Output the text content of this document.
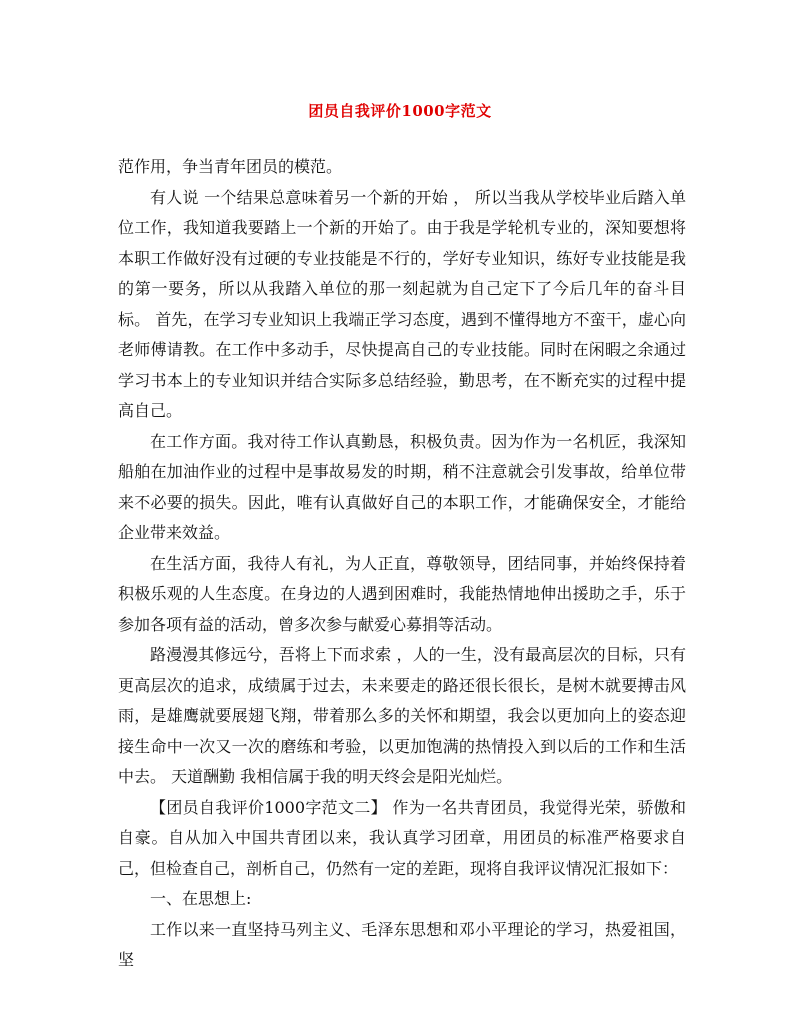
团员自我评价1000字范文

范作用，争当青年团员的模范。

有人说 一个结果总意味着另一个新的开始 ， 所以当我从学校毕业后踏入单位工作，我知道我要踏上一个新的开始了。由于我是学轮机专业的，深知要想将本职工作做好没有过硬的专业技能是不行的，学好专业知识，练好专业技能是我的第一要务，所以从我踏入单位的那一刻起就为自己定下了今后几年的奋斗目标。 首先，在学习专业知识上我端正学习态度，遇到不懂得地方不蛮干，虚心向老师傅请教。在工作中多动手，尽快提高自己的专业技能。同时在闲暇之余通过学习书本上的专业知识并结合实际多总结经验，勤思考，在不断充实的过程中提高自己。

在工作方面。我对待工作认真勤恳，积极负责。因为作为一名机匠，我深知船舶在加油作业的过程中是事故易发的时期，稍不注意就会引发事故，给单位带来不必要的损失。因此，唯有认真做好自己的本职工作，才能确保安全，才能给企业带来效益。

在生活方面，我待人有礼，为人正直，尊敬领导，团结同事，并始终保持着积极乐观的人生态度。在身边的人遇到困难时，我能热情地伸出援助之手，乐于参加各项有益的活动，曾多次参与献爱心募捐等活动。

路漫漫其修远兮，吾将上下而求索 ，人的一生，没有最高层次的目标，只有更高层次的追求，成绩属于过去，未来要走的路还很长很长，是树木就要搏击风雨，是雄鹰就要展翅飞翔，带着那么多的关怀和期望，我会以更加向上的姿态迎接生命中一次又一次的磨练和考验，以更加饱满的热情投入到以后的工作和生活中去。 天道酬勤 我相信属于我的明天终会是阳光灿烂。

【团员自我评价1000字范文二】 作为一名共青团员，我觉得光荣，骄傲和自豪。自从加入中国共青团以来，我认真学习团章，用团员的标准严格要求自己，但检查自己，剖析自己，仍然有一定的差距，现将自我评议情况汇报如下：

一、在思想上:

工作以来一直坚持马列主义、毛泽东思想和邓小平理论的学习，热爱祖国，坚
